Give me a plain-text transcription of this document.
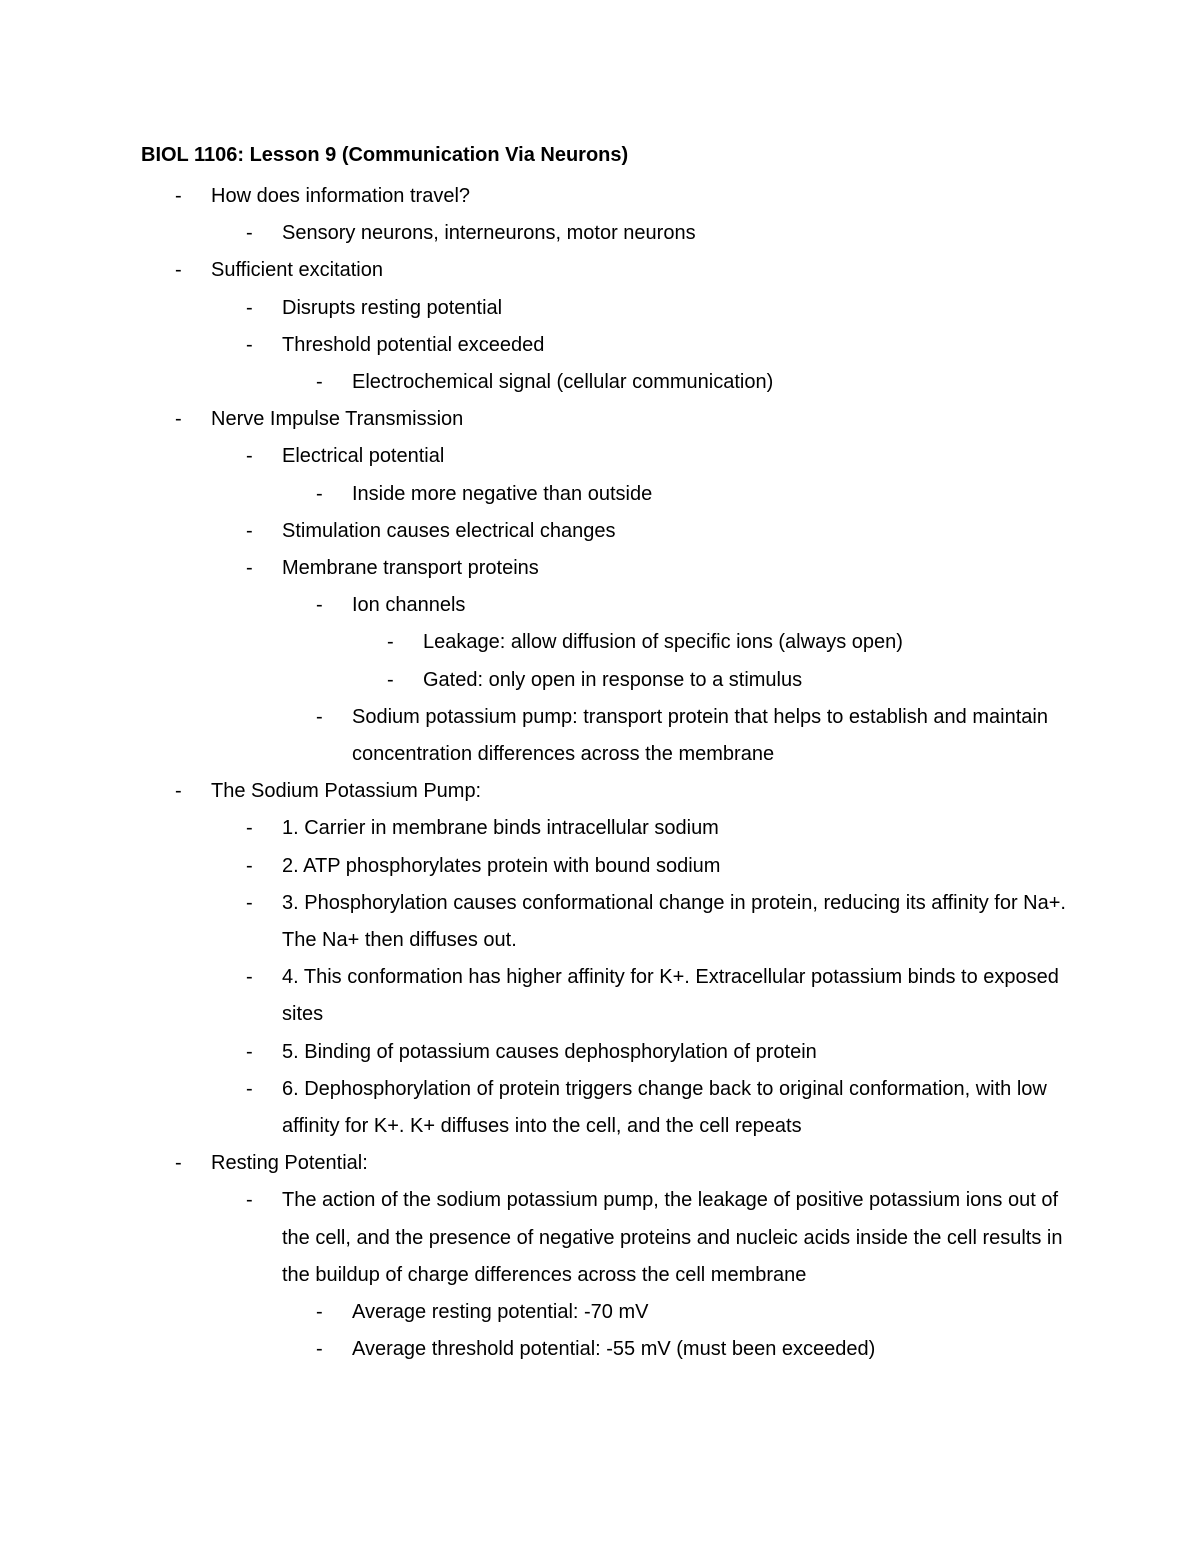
BIOL 1106: Lesson 9 (Communication Via Neurons)
- How does information travel?
- Sensory neurons, interneurons, motor neurons
- Sufficient excitation
- Disrupts resting potential
- Threshold potential exceeded
- Electrochemical signal (cellular communication)
- Nerve Impulse Transmission
- Electrical potential
- Inside more negative than outside
- Stimulation causes electrical changes
- Membrane transport proteins
- Ion channels
- Leakage: allow diffusion of specific ions (always open)
- Gated: only open in response to a stimulus
- Sodium potassium pump: transport protein that helps to establish and maintain concentration differences across the membrane
- The Sodium Potassium Pump:
- 1. Carrier in membrane binds intracellular sodium
- 2. ATP phosphorylates protein with bound sodium
- 3. Phosphorylation causes conformational change in protein, reducing its affinity for Na+. The Na+ then diffuses out.
- 4. This conformation has higher affinity for K+. Extracellular potassium binds to exposed sites
- 5. Binding of potassium causes dephosphorylation of protein
- 6. Dephosphorylation of protein triggers change back to original conformation, with low affinity for K+. K+ diffuses into the cell, and the cell repeats
- Resting Potential:
- The action of the sodium potassium pump, the leakage of positive potassium ions out of the cell, and the presence of negative proteins and nucleic acids inside the cell results in the buildup of charge differences across the cell membrane
- Average resting potential: -70 mV
- Average threshold potential: -55 mV (must been exceeded)
